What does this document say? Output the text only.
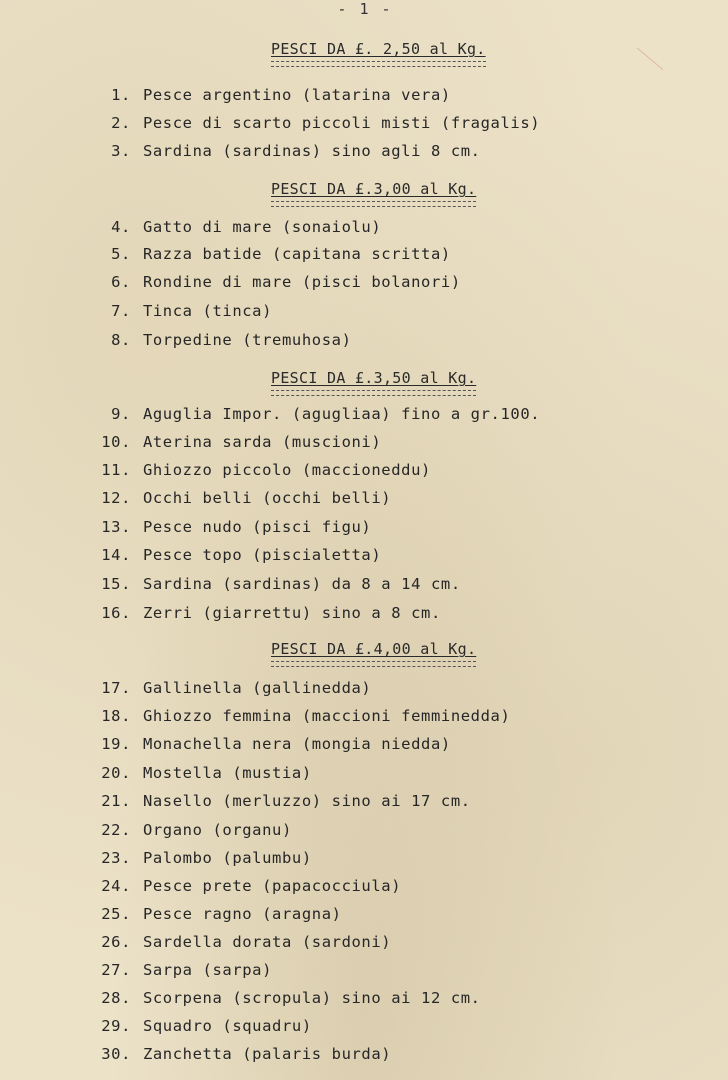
- 1 -
PESCI DA £. 2,50 al Kg.
1. Pesce argentino (latarina vera)
2. Pesce di scarto piccoli misti (fragalis)
3. Sardina (sardinas) sino agli 8 cm.
PESCI DA £.3,00 al Kg.
4. Gatto di mare (sonaiolu)
5. Razza batide (capitana scritta)
6. Rondine di mare (pisci bolanori)
7. Tinca (tinca)
8. Torpedine (tremuhosa)
PESCI DA £.3,50 al Kg.
9. Aguglia Impor. (agugliaa) fino a gr.100.
10. Aterina sarda (muscioni)
11. Ghiozzo piccolo (maccioneddu)
12. Occhi belli (occhi belli)
13. Pesce nudo (pisci figu)
14. Pesce topo (piscialetta)
15. Sardina (sardinas) da 8 a 14 cm.
16. Zerri (giarrettu) sino a 8 cm.
PESCI DA £.4,00 al Kg.
17. Gallinella (gallinedda)
18. Ghiozzo femmina (maccioni femminedda)
19. Monachella nera (mongia niedda)
20. Mostella (mustia)
21. Nasello (merluzzo) sino ai 17 cm.
22. Organo (organu)
23. Palombo (palumbu)
24. Pesce prete (papacocciula)
25. Pesce ragno (aragna)
26. Sardella dorata (sardoni)
27. Sarpa (sarpa)
28. Scorpena (scropula) sino ai 12 cm.
29. Squadro (squadru)
30. Zanchetta (palaris burda)
